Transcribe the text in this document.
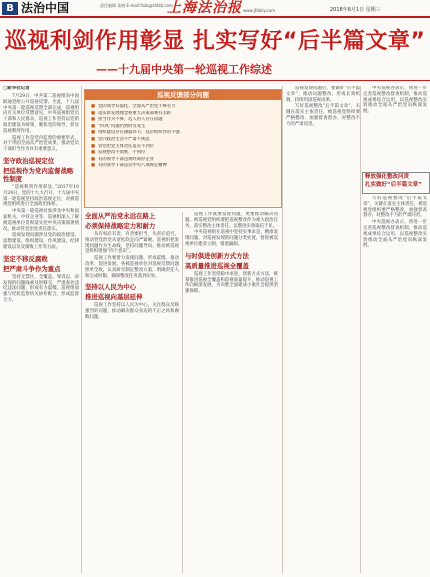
B 法治中国	责任编辑 张晓 E-mail:fzzk@shfzb.com
上海法治报 www.jfdaily.com	2018年8月1日 星期三
巡视利剑作用彰显 扎实写好“后半篇文章”
——十九届中央第一轮巡视工作综述
□新华社记者

7月29日，中共第二巡视组向中国联通党组公开巡视反馈。至此，十九届中央第一轮巡视反馈全部完成，巡视组向有关单位反馈意见，中央巡视组党员干部和人民群众，巡视工作坚持以党的政治建设为统领，聚焦党的领导，彰显巡视利剑作用。

巡视工作是党内监督的重要形式，对于巩固全面从严治党成果，推动党员干部担当作为具有重要意义。

坚守政治巡视定位
把巡视作为党内监督战略性制度

“巡视利剑作用彰显。”2017年10月24日，党的十九大召开。十九届中央第一轮巡视坚持政治巡视定位，对被巡视党组织进行全面政治体检。

中央第一轮巡视对象涉及中央和国家机关、中管企业等，巡视组深入了解被巡视单位贯彻落实党中央决策部署情况，推动管党治党责任落实。

巡视发现问题涉及党的政治建设、思想建设、组织建设、作风建设、纪律建设以及反腐败工作等方面。

坚定不移反腐败
把严肃斗争作为重点

坚持无禁区、全覆盖、零容忍，对发现的问题线索及时移交，严肃查处违纪违法问题，形成有力震慑。巡视组加强与纪检监察机关协作配合，形成监督合力。

巡视反馈部分问题
■ 党的领导有弱化、全面从严治党不够有力
■ 落实新发展理念和重大决策部署有差距
■ 担当作为不够，选人用人存在问题
■ “四风”问题仍然时有发生
■ 组织建设存在薄弱环节，基层组织作用不强
■ 党内政治生活不严肃不规范
■ 管党治党主体责任落实不到位
■ 巡视整改不彻底、不到位
■ 有的领导干部违规经商办企业
■ 有的领导干部违反中央八项规定精神
全面从严治党永远在路上
必须保持战略定力和耐力

从有权必有责，有责要担当，失责必追究，推动管党治党从宽松软走向严紧硬。巡视组把发现问题作为生命线，坚持问题导向，推动被巡视党组织增强“四个意识”。

巡视工作要着力发现问题、形成震慑、推动改革、促进发展。各被巡视单位对巡视反馈问题照单全收，认真研究制定整改方案，明确责任人和完成时限，确保整改任务落到实处。

坚持以人民为中心
推进巡视向基层延伸

巡视工作坚持以人民为中心，关注群众反映强烈的问题，推动解决群众身边的不正之风和腐败问题。

巡视工作既要发现问题，更要推动解决问题。被巡视党组织要把巡视整改作为重大政治任务，落实整改主体责任，以整改实效取信于民。

中央巡视组在巡视中坚持实事求是，精准发现问题，对巡视发现的问题分类处置，督促被巡视单位建章立制，堵塞漏洞。

与时俱进创新方式方法
高质量推进巡视全覆盖

巡视工作坚持稳中求进，创新方式方法，统筹推进巡视全覆盖和巡视质量提升，推动巡视工作向纵深发展，为决胜全面建成小康社会提供坚强保障。

巡视发现问题后，要做好“后半篇文章”，推动问题整改，形成长效机制，持续巩固巡视成果。

写好巡视整改“后半篇文章”，关键在落实主体责任，被巡视党组织要严格整改，加强督查督办，对整改不力的严肃问责。

中央巡视办表示，将进一步完善巡视整改督查机制，推动巡视成果综合运用，以巡视整改实效推动全面从严治党向纵深发展。

释放强化整改问责
扎实做好“后半篇文章”

写好巡视整改“后半篇文章”，关键在落实主体责任，被巡视党组织要严格整改，加强督查督办，对整改不力的严肃问责。

中央巡视办表示，将进一步完善巡视整改督查机制，推动巡视成果综合运用，以巡视整改实效推动全面从严治党向纵深发展。
